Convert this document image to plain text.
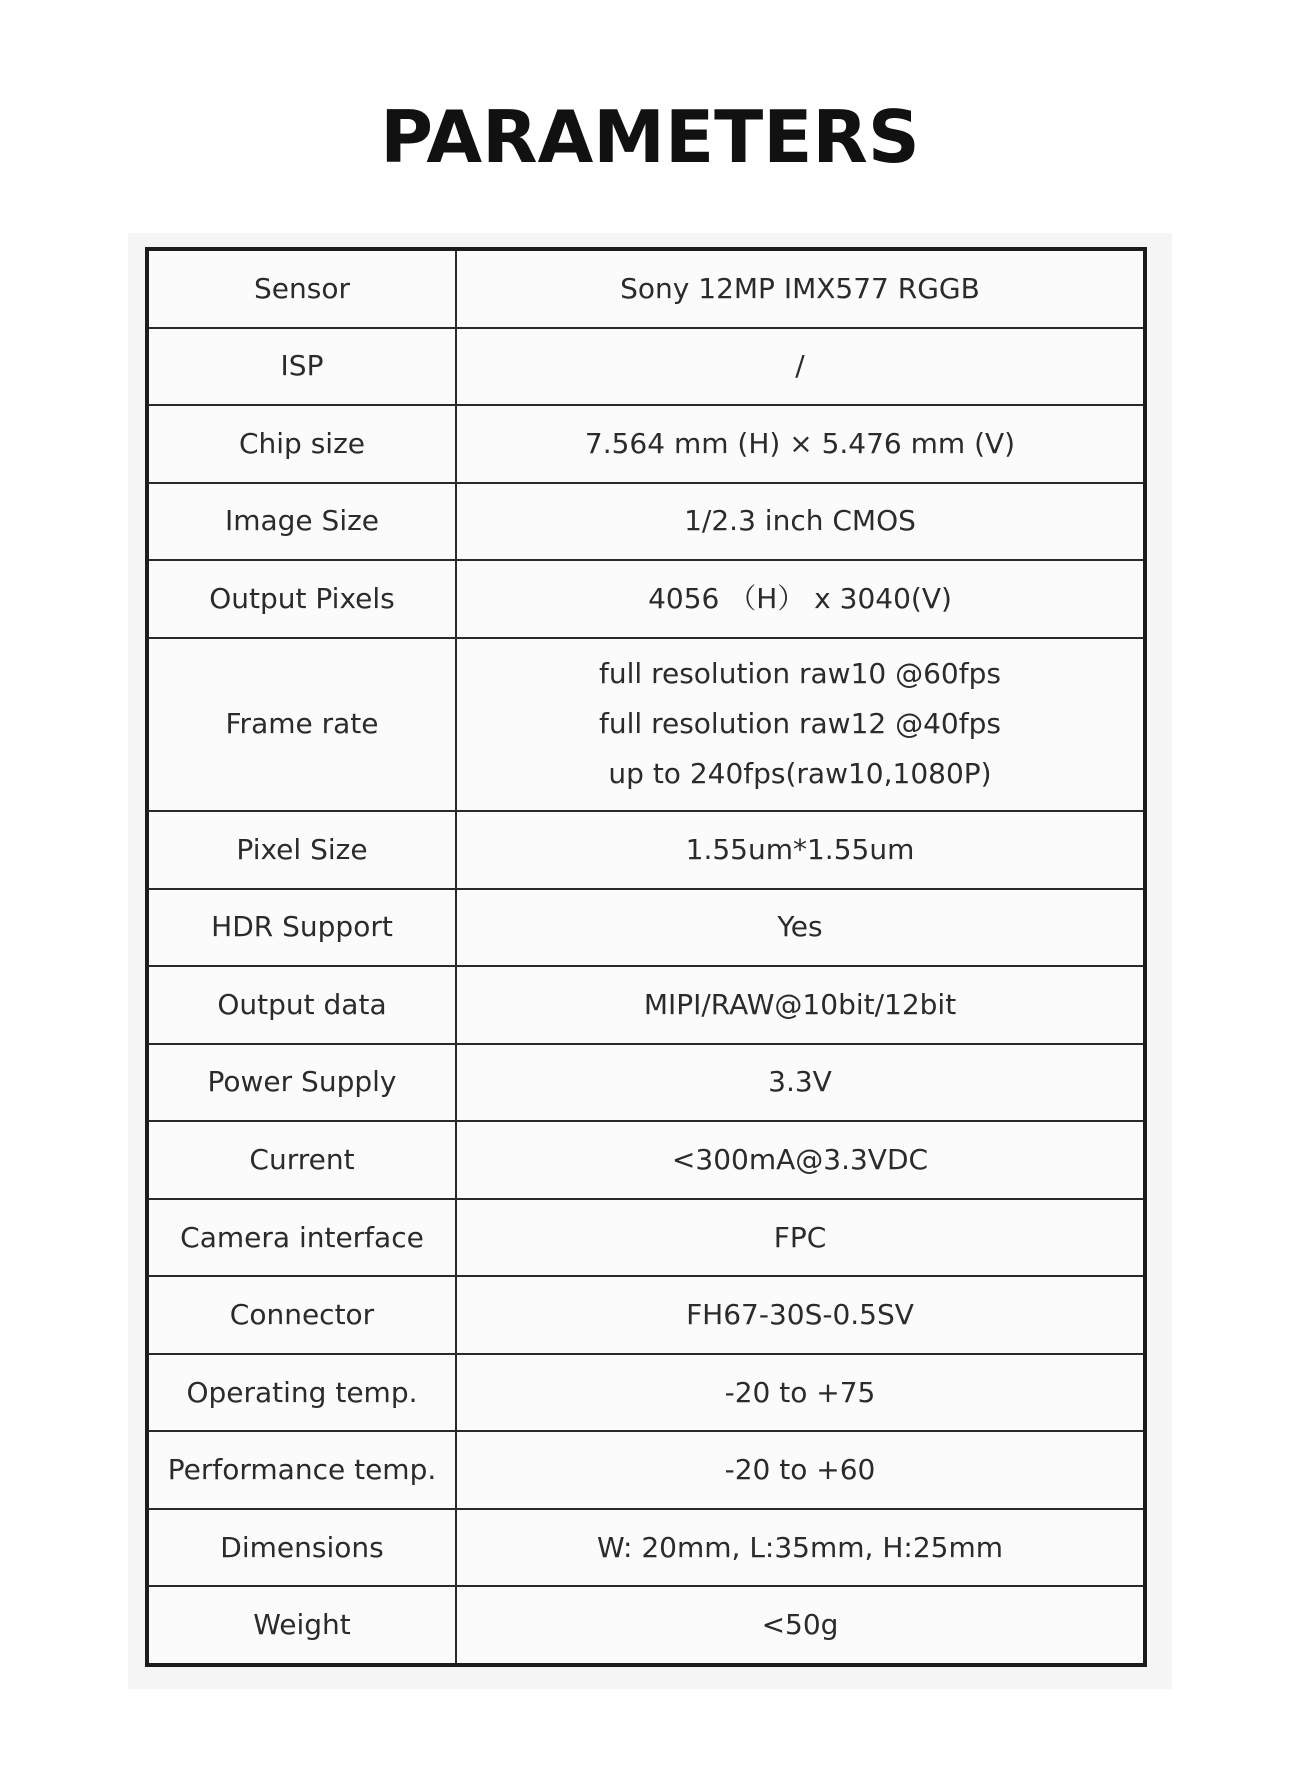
PARAMETERS
Sensor	Sony 12MP IMX577 RGGB
ISP	/
Chip size	7.564 mm (H) × 5.476 mm (V)
Image Size	1/2.3 inch CMOS
Output Pixels	4056 （H） x 3040(V)
Frame rate	full resolution raw10 @60fps
full resolution raw12 @40fps
up to 240fps(raw10,1080P)

Pixel Size	1.55um*1.55um
HDR Support	Yes
Output data	MIPI/RAW@10bit/12bit
Power Supply	3.3V
Current	<300mA@3.3VDC
Camera interface	FPC
Connector	FH67-30S-0.5SV
Operating temp.	-20 to +75
Performance temp.	-20 to +60
Dimensions	W: 20mm, L:35mm, H:25mm
Weight	<50g
